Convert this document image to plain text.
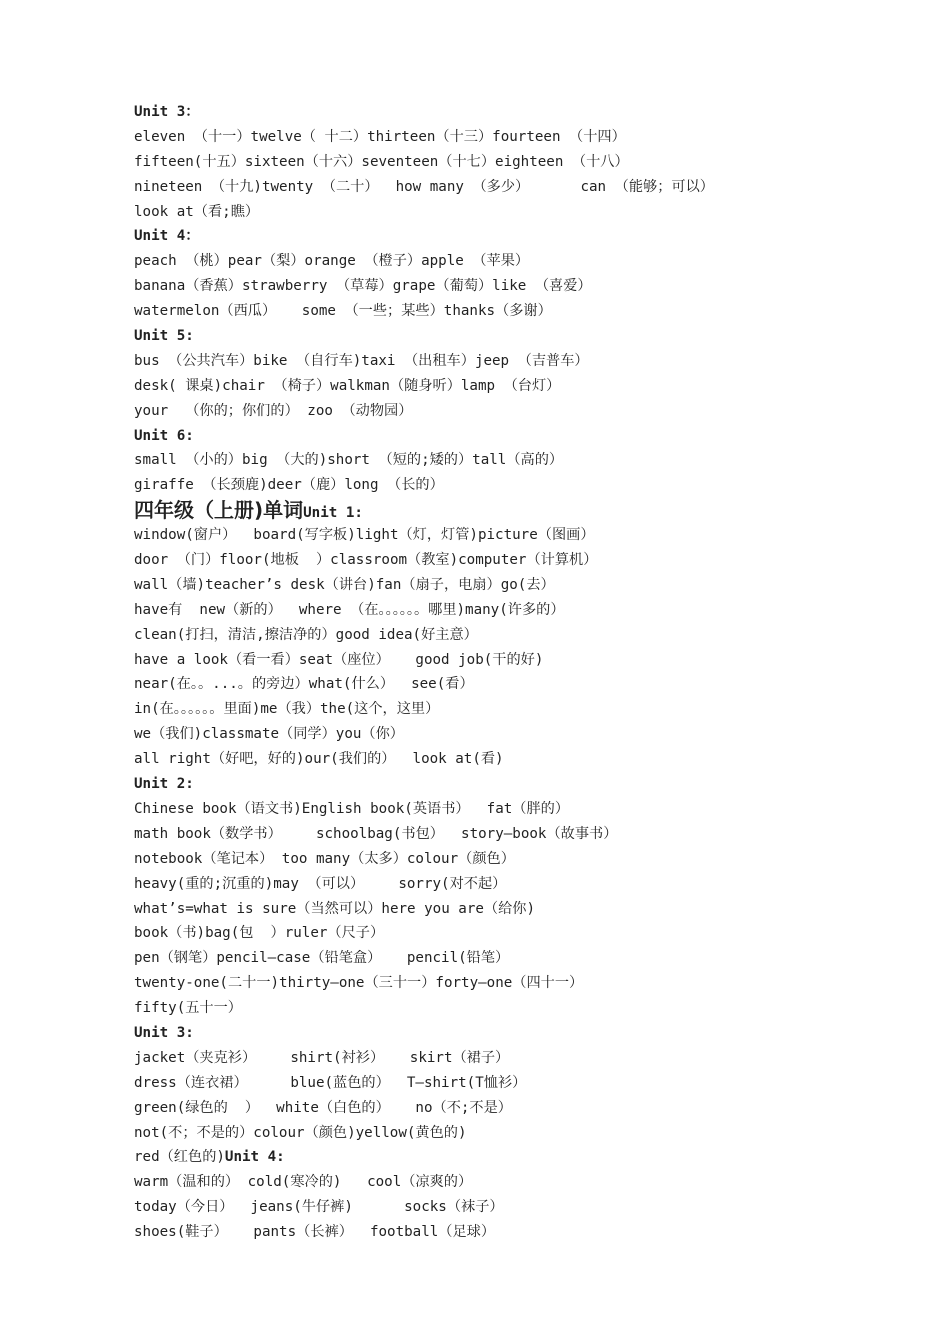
Unit 3：
eleven （十一）twelve（ 十二）thirteen（十三）fourteen （十四）
fifteen(十五）sixteen（十六）seventeen（十七）eighteen （十八）
nineteen （十九)twenty （二十）  how many （多少）      can （能够；可以）
look at（看;瞧）
Unit 4：
peach （桃）pear（梨）orange （橙子）apple （苹果）
banana（香蕉）strawberry （草莓）grape（葡萄）like （喜爱）
watermelon（西瓜）   some （一些；某些）thanks（多谢）
Unit 5:
bus （公共汽车）bike （自行车)taxi （出租车）jeep （吉普车）
desk( 课桌)chair （椅子）walkman（随身听）lamp （台灯）
your  （你的；你们的） zoo （动物园）
Unit 6:
small （小的）big （大的)short （短的;矮的）tall（高的）
giraffe （长颈鹿)deer（鹿）long （长的）
四年级（上册)单词Unit 1:
window(窗户）  board(写字板)light（灯，灯管)picture（图画）
door （门）floor(地板  ）classroom（教室)computer（计算机）
wall（墙)teacher’s desk（讲台)fan（扇子，电扇）go(去）
have有  new（新的）  where （在。。。。。。哪里)many(许多的）
clean(打扫，清洁,擦洁净的）good idea(好主意）
have a look（看一看）seat（座位）   good job(干的好)
near(在。。...。的旁边）what(什么）  see(看）
in(在。。。。。。里面)me（我）the(这个，这里）
we（我们)classmate（同学）you（你）
all right（好吧，好的)our(我们的）  look at(看)
Unit 2:
Chinese book（语文书)English book(英语书）  fat（胖的）
math book（数学书）    schoolbag(书包）  story—book（故事书）
notebook（笔记本） too many（太多）colour（颜色）
heavy(重的;沉重的)may （可以）    sorry(对不起）
what’s=what is sure（当然可以）here you are（给你)
book（书)bag(包  ）ruler（尺子）
pen（钢笔）pencil—case（铅笔盒）   pencil(铅笔）
twenty-one(二十一)thirty—one（三十一）forty—one（四十一）
fifty(五十一）
Unit 3:
jacket（夹克衫）    shirt(衬衫）   skirt（裙子）
dress（连衣裙）     blue(蓝色的）  T—shirt(T恤衫）
green(绿色的  ）  white（白色的）   no（不;不是）
not(不；不是的）colour（颜色)yellow(黄色的)
red（红色的)Unit 4:
warm（温和的） cold(寒冷的)   cool（凉爽的）
today（今日）  jeans(牛仔裤)      socks（袜子）
shoes(鞋子）   pants（长裤）  football（足球）
